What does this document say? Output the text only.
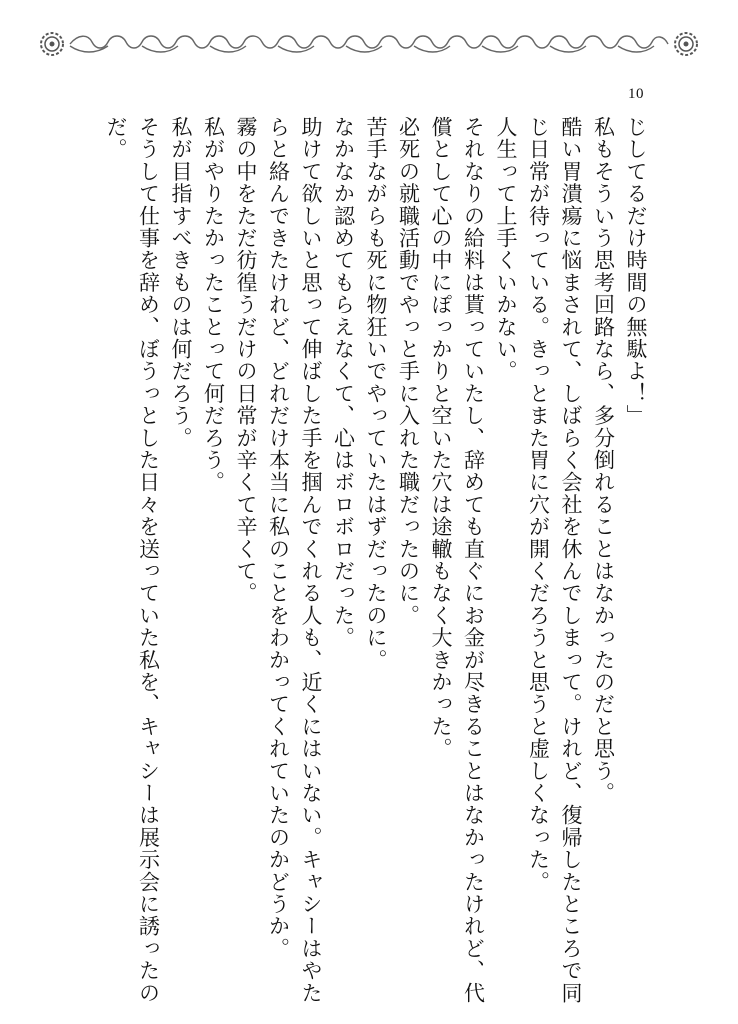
10
じしてるだけ時間の無駄よ！」
私もそういう思考回路なら、多分倒れることはなかったのだと思う。
酷い胃潰瘍に悩まされて、しばらく会社を休んでしまって。けれど、復帰したところで同
じ日常が待っている。きっとまた胃に穴が開くだろうと思うと虚しくなった。
人生って上手くいかない。
それなりの給料は貰っていたし、辞めても直ぐにお金が尽きることはなかったけれど、代
償として心の中にぽっかりと空いた穴は途轍もなく大きかった。
必死の就職活動でやっと手に入れた職だったのに。
苦手ながらも死に物狂いでやっていたはずだったのに。
なかなか認めてもらえなくて、心はボロボロだった。
助けて欲しいと思って伸ばした手を掴んでくれる人も、近くにはいない。キャシーはやた
らと絡んできたけれど、どれだけ本当に私のことをわかってくれていたのかどうか。
霧の中をただ彷徨うだけの日常が辛くて辛くて。
私がやりたかったことって何だろう。
私が目指すべきものは何だろう。
そうして仕事を辞め、ぼうっとした日々を送っていた私を、キャシーは展示会に誘ったの
だ。
